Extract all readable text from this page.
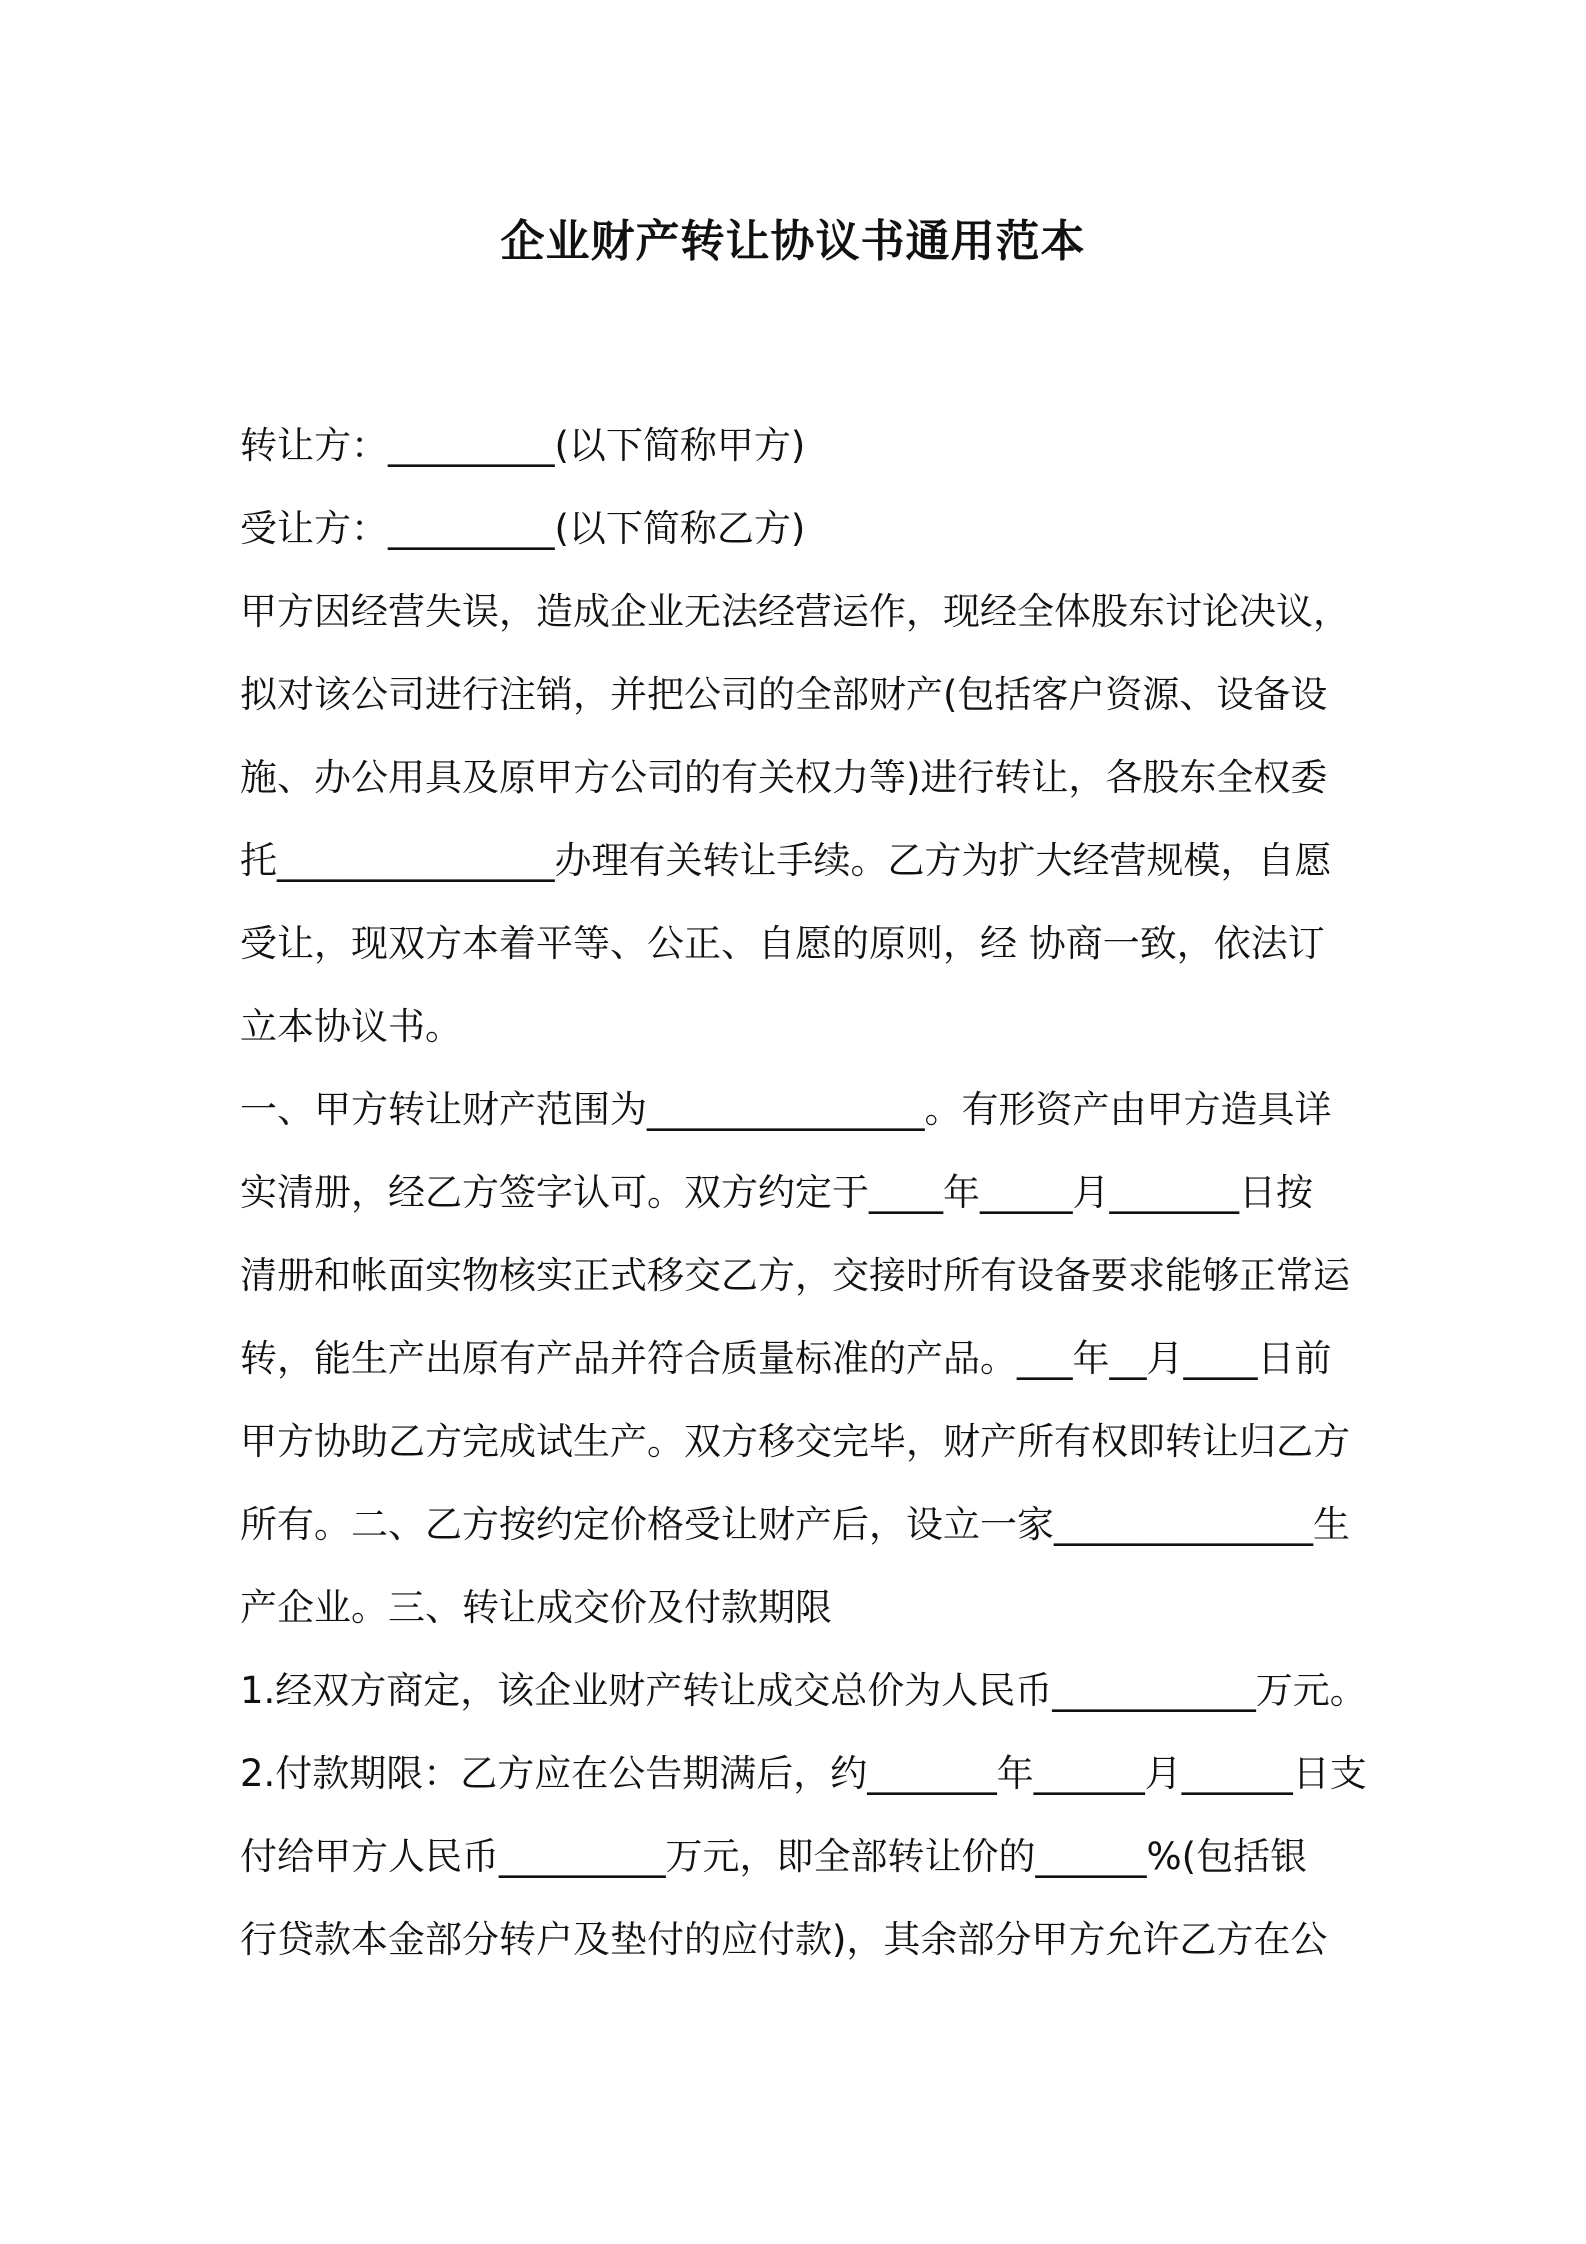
企业财产转让协议书通用范本
转让方：_________(以下简称甲方)
受让方：_________(以下简称乙方)
甲方因经营失误，造成企业无法经营运作，现经全体股东讨论决议，
拟对该公司进行注销，并把公司的全部财产(包括客户资源、设备设
施、办公用具及原甲方公司的有关权力等)进行转让，各股东全权委
托_______________办理有关转让手续。乙方为扩大经营规模，自愿
受让，现双方本着平等、公正、自愿的原则，经 协商一致，依法订
立本协议书。
一、甲方转让财产范围为_______________。有形资产由甲方造具详
实清册，经乙方签字认可。双方约定于____年_____月_______日按
清册和帐面实物核实正式移交乙方，交接时所有设备要求能够正常运
转，能生产出原有产品并符合质量标准的产品。___年__月____日前
甲方协助乙方完成试生产。双方移交完毕，财产所有权即转让归乙方
所有。二、乙方按约定价格受让财产后，设立一家______________生
产企业。三、转让成交价及付款期限
1.经双方商定，该企业财产转让成交总价为人民币___________万元。
2.付款期限：乙方应在公告期满后，约_______年______月______日支
付给甲方人民币_________万元，即全部转让价的______%(包括银
行贷款本金部分转户及垫付的应付款)，其余部分甲方允许乙方在公
